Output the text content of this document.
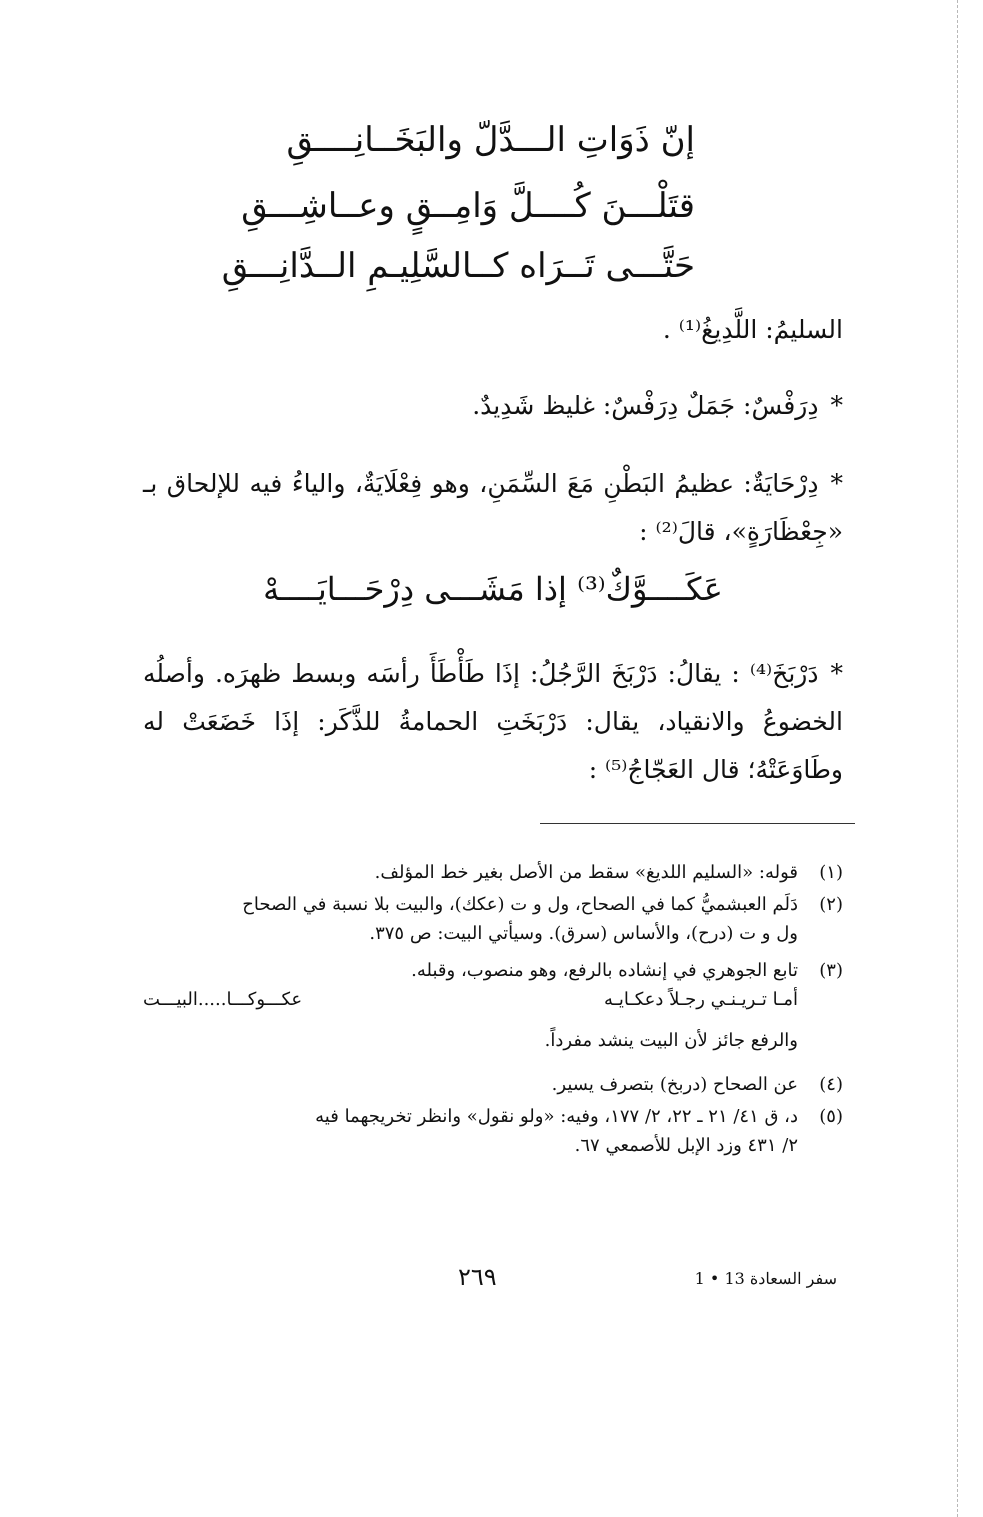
إنّ ذَوَاتِ الـــدَّلّ والبَخَــانِــــقِ
قتَلْـــنَ كُــــلَّ وَامِــقٍ وعــاشِـــقِ
حَتَّـــى تَــرَاه كــالسَّلِيـمِ الــدَّانِـــقِ
السليمُ: اللَّدِيغُ⁽¹⁾ .
*دِرَفْسٌ: جَمَلٌ دِرَفْسٌ: غليظ شَدِيدٌ.
*دِرْحَايَةٌ: عظيمُ البَطْنِ مَعَ السِّمَنِ، وهو فِعْلَايَةٌ، والياءُ فيه للإلحاق بـ «جِعْظَارَةٍ»، قالَ⁽²⁾ :
عَكَــــوَّكٌ⁽³⁾ إذا مَشَـــى دِرْحَـــايَــــهْ
*دَرْبَخَ⁽⁴⁾ : يقالُ: دَرْبَخَ الرَّجُلُ: إذَا طَأْطَأَ رأسَه وبسط ظهرَه. وأصلُه الخضوعُ والانقياد، يقال: دَرْبَخَتِ الحمامةُ للذَّكَر: إذَا خَضَعَتْ له وطَاوَعَتْهُ؛ قال العَجّاجُ⁽⁵⁾ :
(١)
قوله: «السليم اللديغ» سقط من الأصل بغير خط المؤلف.
(٢)
دَلَم العبشميُّ كما في الصحاح، ول و ت (عكك)، والبيت بلا نسبة في الصحاح
ول و ت (درح)، والأساس (سرق). وسيأتي البيت: ص ٣٧٥.
(٣)
تابع الجوهري في إنشاده بالرفع، وهو منصوب، وقبله.
أمـا تـريـنـي رجـلاً دعكـايـه
عكـــوكـــا.....البيـــت
والرفع جائز لأن البيت ينشد مفرداً.
(٤)
عن الصحاح (دربخ) بتصرف يسير.
(٥)
د، ق ٤١/ ٢١ ـ ٢٢، ٢/ ١٧٧، وفيه: «ولو نقول» وانظر تخريجهما فيه
٢/ ٤٣١ وزد الإبل للأصمعي ٦٧.
٢٦٩	سفر السعادة 13 • 1
